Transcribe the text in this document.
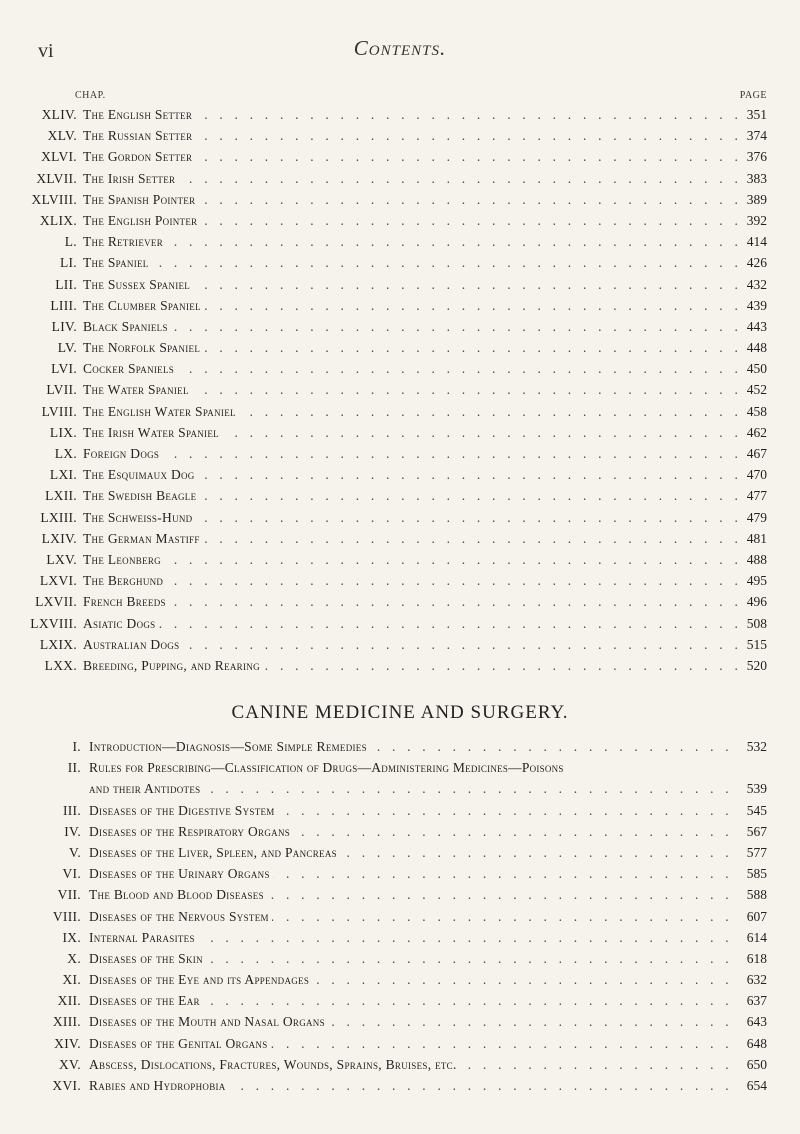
vi	Contents.
CHAP.	PAGE
XLIV. The English Setter . . .	351
XLV. The Russian Setter . . .	374
XLVI. The Gordon Setter . . .	376
XLVII. The Irish Setter . . .	383
XLVIII. The Spanish Pointer . . .	389
XLIX. The English Pointer . . .	392
L. The Retriever . . .	414
LI. The Spaniel . . .	426
LII. The Sussex Spaniel . . .	432
LIII. The Clumber Spaniel . . .	439
LIV. Black Spaniels . . .	443
LV. The Norfolk Spaniel . . .	448
LVI. Cocker Spaniels . . .	450
LVII. The Water Spaniel . . .	452
LVIII. The English Water Spaniel . . .	458
LIX. The Irish Water Spaniel . . .	462
LX. Foreign Dogs . . .	467
LXI. The Esquimaux Dog . . .	470
LXII. The Swedish Beagle . . .	477
LXIII. The Schweiss-Hund . . .	479
LXIV. The German Mastiff . . .	481
LXV. The Leonberg . . .	488
LXVI. The Berghund . . .	495
LXVII. French Breeds . . .	496
LXVIII. Asiatic Dogs . . .	508
LXIX. Australian Dogs . . .	515
LXX. Breeding, Pupping, and Rearing . . .	520
CANINE MEDICINE AND SURGERY.
I. Introduction—Diagnosis—Some Simple Remedies . . .	532
II. Rules for Prescribing—Classification of Drugs—Administering Medicines—Poisons
and their Antidotes . . .	539
III. Diseases of the Digestive System . . .	545
IV. Diseases of the Respiratory Organs . . .	567
V. Diseases of the Liver, Spleen, and Pancreas . . .	577
VI. Diseases of the Urinary Organs . . .	585
VII. The Blood and Blood Diseases . . .	588
VIII. Diseases of the Nervous System . . .	607
IX. Internal Parasites . . .	614
X. Diseases of the Skin . . .	618
XI. Diseases of the Eye and its Appendages . . .	632
XII. Diseases of the Ear . . .	637
XIII. Diseases of the Mouth and Nasal Organs . . .	643
XIV. Diseases of the Genital Organs . . .	648
XV. Abscess, Dislocations, Fractures, Wounds, Sprains, Bruises, etc. . . .	650
XVI. Rabies and Hydrophobia . . .	654
